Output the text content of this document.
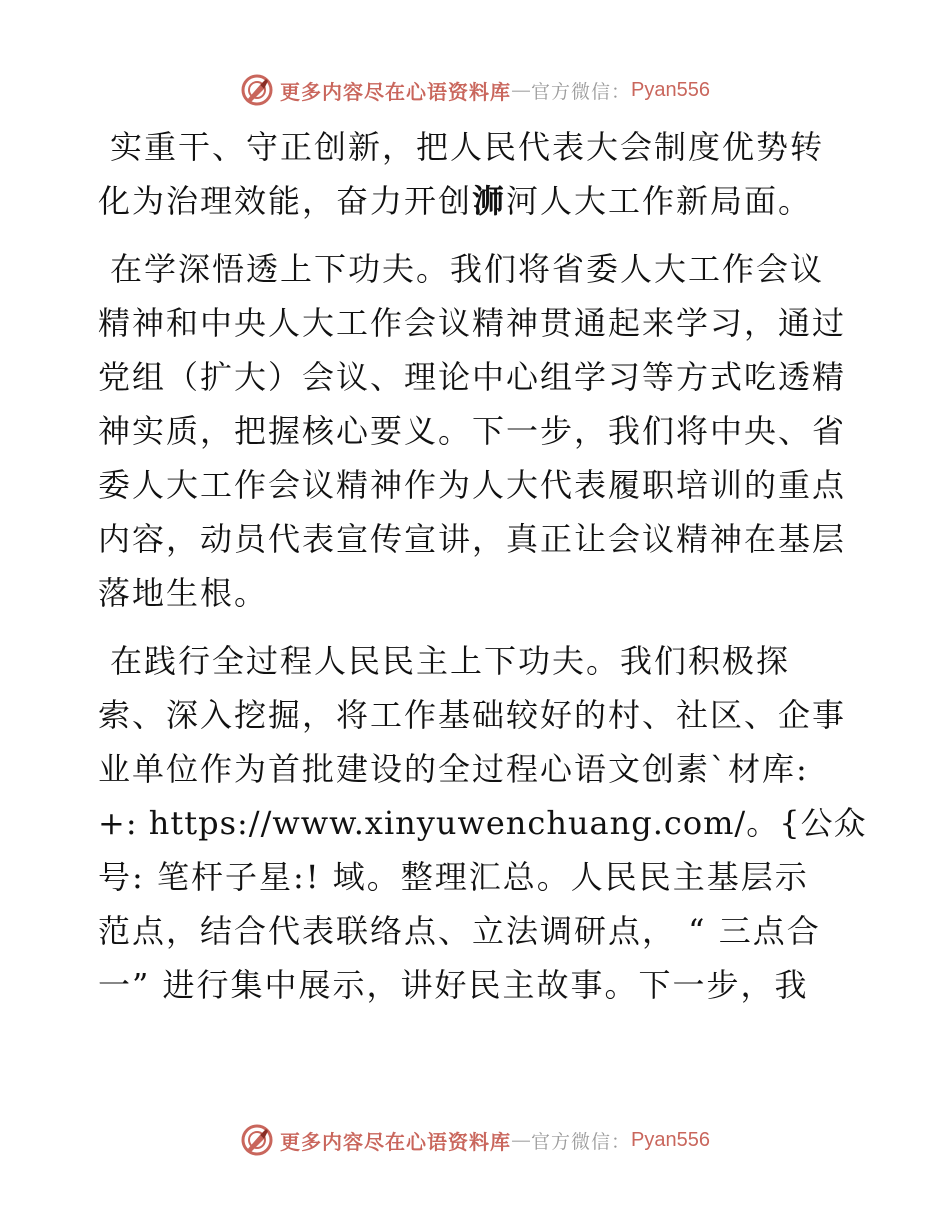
更多内容尽在心语资料库 — 官方微信： Pyan556
实重干、守正创新，把人民代表大会制度优势转
化为治理效能，奋力开创浉河人大工作新局面。
在学深悟透上下功夫。我们将省委人大工作会议
精神和中央人大工作会议精神贯通起来学习，通过
党组（扩大）会议、理论中心组学习等方式吃透精
神实质，把握核心要义。下一步，我们将中央、省
委人大工作会议精神作为人大代表履职培训的重点
内容，动员代表宣传宣讲，真正让会议精神在基层
落地生根。
在践行全过程人民民主上下功夫。我们积极探
索、深入挖掘，将工作基础较好的村、社区、企事
业单位作为首批建设的全过程心语文创素`材库:
+: https://www.xinyuwenchuang.com/。{公众
号: 笔杆子星:! 域。整理汇总。人民民主基层示
范点，结合代表联络点、立法调研点， “ 三点合
一” 进行集中展示，讲好民主故事。下一步，我
更多内容尽在心语资料库 — 官方微信： Pyan556
